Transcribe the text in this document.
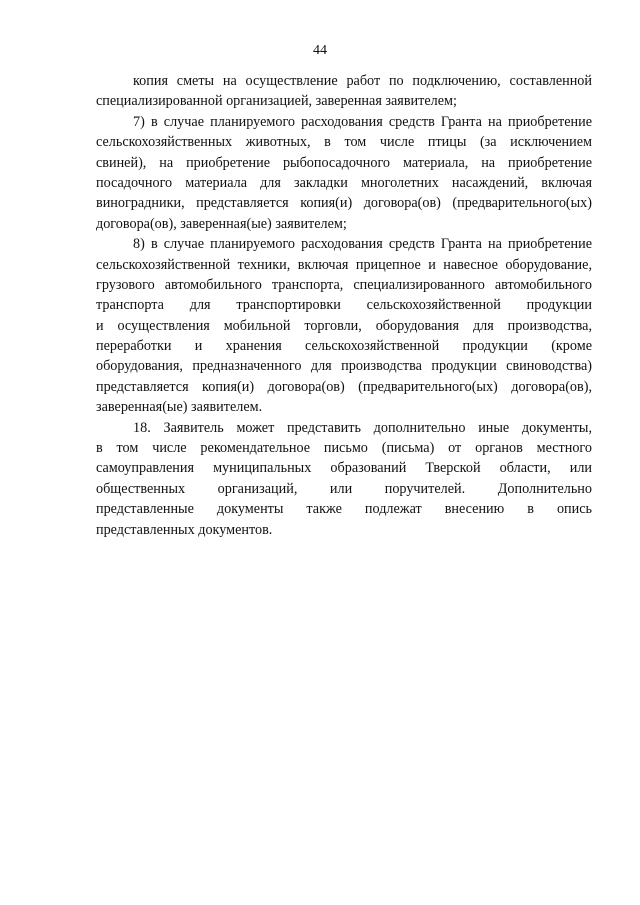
44
копия сметы на осуществление работ по подключению, составленной
специализированной организацией, заверенная заявителем;
7) в случае планируемого расходования средств Гранта на приобретение
сельскохозяйственных животных, в том числе птицы (за исключением
свиней), на приобретение рыбопосадочного материала, на приобретение
посадочного материала для закладки многолетних насаждений, включая
виноградники, представляется копия(и) договора(ов) (предварительного(ых)
договора(ов), заверенная(ые) заявителем;
8) в случае планируемого расходования средств Гранта на приобретение
сельскохозяйственной техники, включая прицепное и навесное оборудование,
грузового автомобильного транспорта, специализированного автомобильного
транспорта для транспортировки сельскохозяйственной продукции
и осуществления мобильной торговли, оборудования для производства,
переработки и хранения сельскохозяйственной продукции (кроме
оборудования, предназначенного для производства продукции свиноводства)
представляется копия(и) договора(ов) (предварительного(ых) договора(ов),
заверенная(ые) заявителем.
18. Заявитель может представить дополнительно иные документы,
в том числе рекомендательное письмо (письма) от органов местного
самоуправления муниципальных образований Тверской области, или
общественных организаций, или поручителей. Дополнительно
представленные документы также подлежат внесению в опись
представленных документов.
